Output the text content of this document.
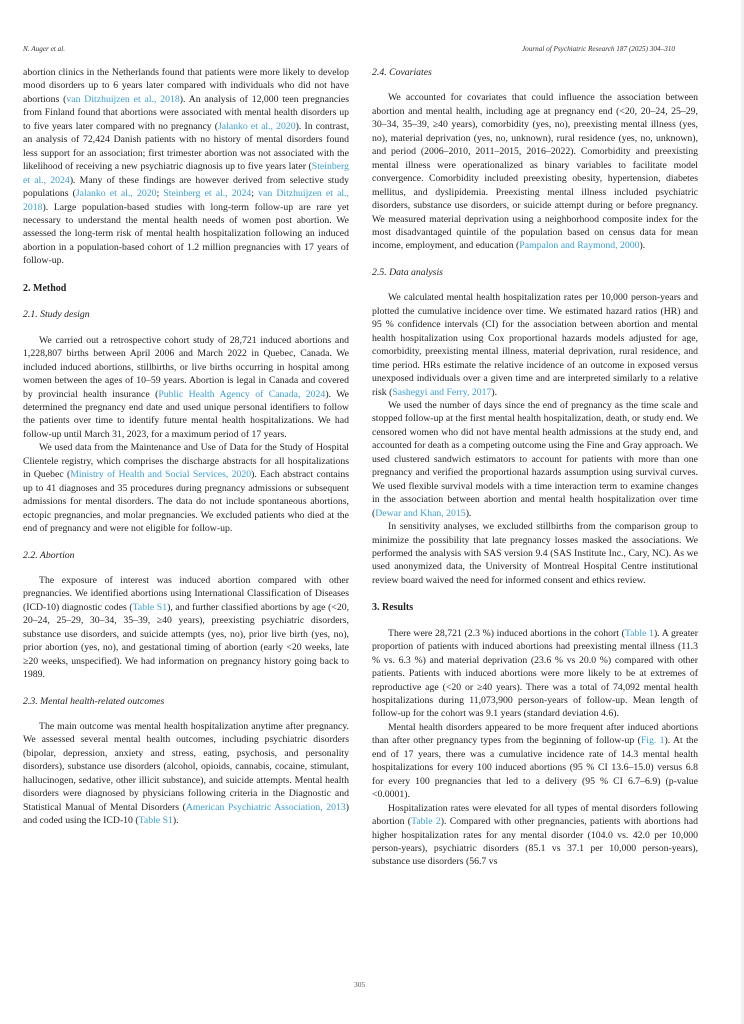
N. Auger et al.	Journal of Psychiatric Research 187 (2025) 304–310

abortion clinics in the Netherlands found that patients were more likely to develop mood disorders up to 6 years later compared with individuals who did not have abortions (van Ditzhuijzen et al., 2018). An analysis of 12,000 teen pregnancies from Finland found that abortions were associated with mental health disorders up to five years later compared with no pregnancy (Jalanko et al., 2020). In contrast, an analysis of 72,424 Danish patients with no history of mental disorders found less support for an association; first trimester abortion was not associated with the likelihood of receiving a new psychiatric diagnosis up to five years later (Steinberg et al., 2024). Many of these findings are however derived from selective study populations (Jalanko et al., 2020; Steinberg et al., 2024; van Ditzhuijzen et al., 2018). Large population-based studies with long-term follow-up are rare yet necessary to understand the mental health needs of women post abortion. We assessed the long-term risk of mental health hospitalization following an induced abortion in a population-based cohort of 1.2 million pregnancies with 17 years of follow-up.

2. Method
2.1. Study design

We carried out a retrospective cohort study of 28,721 induced abortions and 1,228,807 births between April 2006 and March 2022 in Quebec, Canada. We included induced abortions, stillbirths, or live births occurring in hospital among women between the ages of 10–59 years. Abortion is legal in Canada and covered by provincial health insurance (Public Health Agency of Canada, 2024). We determined the pregnancy end date and used unique personal identifiers to follow the patients over time to identify future mental health hospitalizations. We had follow-up until March 31, 2023, for a maximum period of 17 years.

We used data from the Maintenance and Use of Data for the Study of Hospital Clientele registry, which comprises the discharge abstracts for all hospitalizations in Quebec (Ministry of Health and Social Services, 2020). Each abstract contains up to 41 diagnoses and 35 procedures during pregnancy admissions or subsequent admissions for mental disorders. The data do not include spontaneous abortions, ectopic pregnancies, and molar pregnancies. We excluded patients who died at the end of pregnancy and were not eligible for follow-up.

2.2. Abortion

The exposure of interest was induced abortion compared with other pregnancies. We identified abortions using International Classification of Diseases (ICD-10) diagnostic codes (Table S1), and further classified abortions by age (<20, 20–24, 25–29, 30–34, 35–39, ≥40 years), preexisting psychiatric disorders, substance use disorders, and suicide attempts (yes, no), prior live birth (yes, no), prior abortion (yes, no), and gestational timing of abortion (early <20 weeks, late ≥20 weeks, unspecified). We had information on pregnancy history going back to 1989.

2.3. Mental health-related outcomes

The main outcome was mental health hospitalization anytime after pregnancy. We assessed several mental health outcomes, including psychiatric disorders (bipolar, depression, anxiety and stress, eating, psychosis, and personality disorders), substance use disorders (alcohol, opioids, cannabis, cocaine, stimulant, hallucinogen, sedative, other illicit substance), and suicide attempts. Mental health disorders were diagnosed by physicians following criteria in the Diagnostic and Statistical Manual of Mental Disorders (American Psychiatric Association, 2013) and coded using the ICD-10 (Table S1).

2.4. Covariates

We accounted for covariates that could influence the association between abortion and mental health, including age at pregnancy end (<20, 20–24, 25–29, 30–34, 35–39, ≥40 years), comorbidity (yes, no), preexisting mental illness (yes, no), material deprivation (yes, no, unknown), rural residence (yes, no, unknown), and period (2006–2010, 2011–2015, 2016–2022). Comorbidity and preexisting mental illness were operationalized as binary variables to facilitate model convergence. Comorbidity included preexisting obesity, hypertension, diabetes mellitus, and dyslipidemia. Preexisting mental illness included psychiatric disorders, substance use disorders, or suicide attempt during or before pregnancy. We measured material deprivation using a neighborhood composite index for the most disadvantaged quintile of the population based on census data for mean income, employment, and education (Pampalon and Raymond, 2000).

2.5. Data analysis

We calculated mental health hospitalization rates per 10,000 person-years and plotted the cumulative incidence over time. We estimated hazard ratios (HR) and 95 % confidence intervals (CI) for the association between abortion and mental health hospitalization using Cox proportional hazards models adjusted for age, comorbidity, preexisting mental illness, material deprivation, rural residence, and time period. HRs estimate the relative incidence of an outcome in exposed versus unexposed individuals over a given time and are interpreted similarly to a relative risk (Sashegyi and Ferry, 2017).

We used the number of days since the end of pregnancy as the time scale and stopped follow-up at the first mental health hospitalization, death, or study end. We censored women who did not have mental health admissions at the study end, and accounted for death as a competing outcome using the Fine and Gray approach. We used clustered sandwich estimators to account for patients with more than one pregnancy and verified the proportional hazards assumption using survival curves. We used flexible survival models with a time interaction term to examine changes in the association between abortion and mental health hospitalization over time (Dewar and Khan, 2015).

In sensitivity analyses, we excluded stillbirths from the comparison group to minimize the possibility that late pregnancy losses masked the associations. We performed the analysis with SAS version 9.4 (SAS Institute Inc., Cary, NC). As we used anonymized data, the University of Montreal Hospital Centre institutional review board waived the need for informed consent and ethics review.

3. Results

There were 28,721 (2.3 %) induced abortions in the cohort (Table 1). A greater proportion of patients with induced abortions had preexisting mental illness (11.3 % vs. 6.3 %) and material deprivation (23.6 % vs 20.0 %) compared with other patients. Patients with induced abortions were more likely to be at extremes of reproductive age (<20 or ≥40 years). There was a total of 74,092 mental health hospitalizations during 11,073,900 person-years of follow-up. Mean length of follow-up for the cohort was 9.1 years (standard deviation 4.6).

Mental health disorders appeared to be more frequent after induced abortions than after other pregnancy types from the beginning of follow-up (Fig. 1). At the end of 17 years, there was a cumulative incidence rate of 14.3 mental health hospitalizations for every 100 induced abortions (95 % CI 13.6–15.0) versus 6.8 for every 100 pregnancies that led to a delivery (95 % CI 6.7–6.9) (p-value <0.0001).

Hospitalization rates were elevated for all types of mental disorders following abortion (Table 2). Compared with other pregnancies, patients with abortions had higher hospitalization rates for any mental disorder (104.0 vs. 42.0 per 10,000 person-years), psychiatric disorders (85.1 vs 37.1 per 10,000 person-years), substance use disorders (56.7 vs

305
